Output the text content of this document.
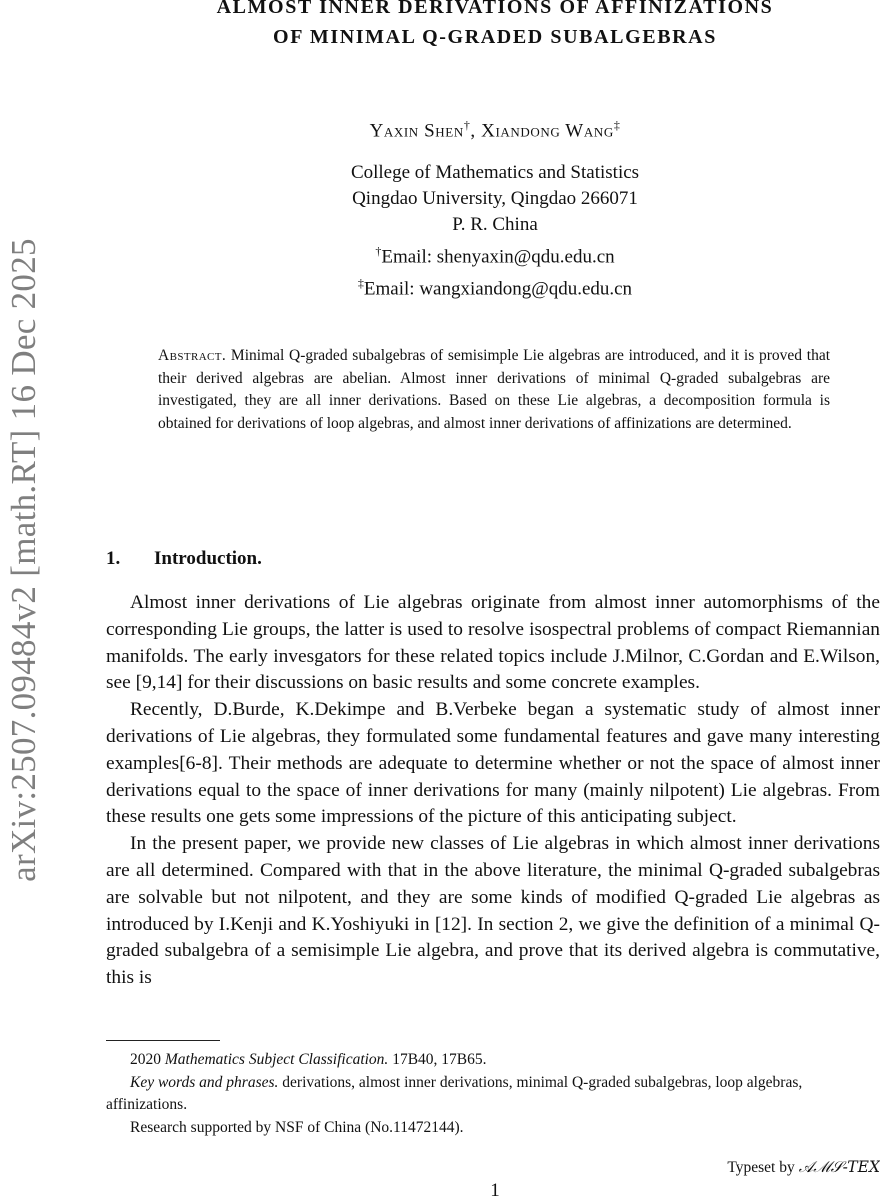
arXiv:2507.09484v2 [math.RT] 16 Dec 2025
ALMOST INNER DERIVATIONS OF AFFINIZATIONS
OF MINIMAL Q-GRADED SUBALGEBRAS
Yaxin Shen†, Xiandong Wang‡
College of Mathematics and Statistics
Qingdao University, Qingdao 266071
P. R. China
†Email: shenyaxin@qdu.edu.cn
‡Email: wangxiandong@qdu.edu.cn
Abstract. Minimal Q-graded subalgebras of semisimple Lie algebras are introduced, and it is proved that their derived algebras are abelian. Almost inner derivations of minimal Q-graded subalgebras are investigated, they are all inner derivations. Based on these Lie algebras, a decomposition formula is obtained for derivations of loop algebras, and almost inner derivations of affinizations are determined.
1. Introduction.

Almost inner derivations of Lie algebras originate from almost inner automorphisms of the corresponding Lie groups, the latter is used to resolve isospectral problems of compact Riemannian manifolds. The early invesgators for these related topics include J.Milnor, C.Gordan and E.Wilson, see [9,14] for their discussions on basic results and some concrete examples.

Recently, D.Burde, K.Dekimpe and B.Verbeke began a systematic study of almost inner derivations of Lie algebras, they formulated some fundamental features and gave many interesting examples[6-8]. Their methods are adequate to determine whether or not the space of almost inner derivations equal to the space of inner derivations for many (mainly nilpotent) Lie algebras. From these results one gets some impressions of the picture of this anticipating subject.

In the present paper, we provide new classes of Lie algebras in which almost inner derivations are all determined. Compared with that in the above literature, the minimal Q-graded subalgebras are solvable but not nilpotent, and they are some kinds of modified Q-graded Lie algebras as introduced by I.Kenji and K.Yoshiyuki in [12]. In section 2, we give the definition of a minimal Q-graded subalgebra of a semisimple Lie algebra, and prove that its derived algebra is commutative, this is

2020 Mathematics Subject Classification. 17B40, 17B65.

Key words and phrases. derivations, almost inner derivations, minimal Q-graded subalgebras, loop algebras, affinizations.

Research supported by NSF of China (No.11472144).

Typeset by 𝒜ℳ𝒮-TEX
1
